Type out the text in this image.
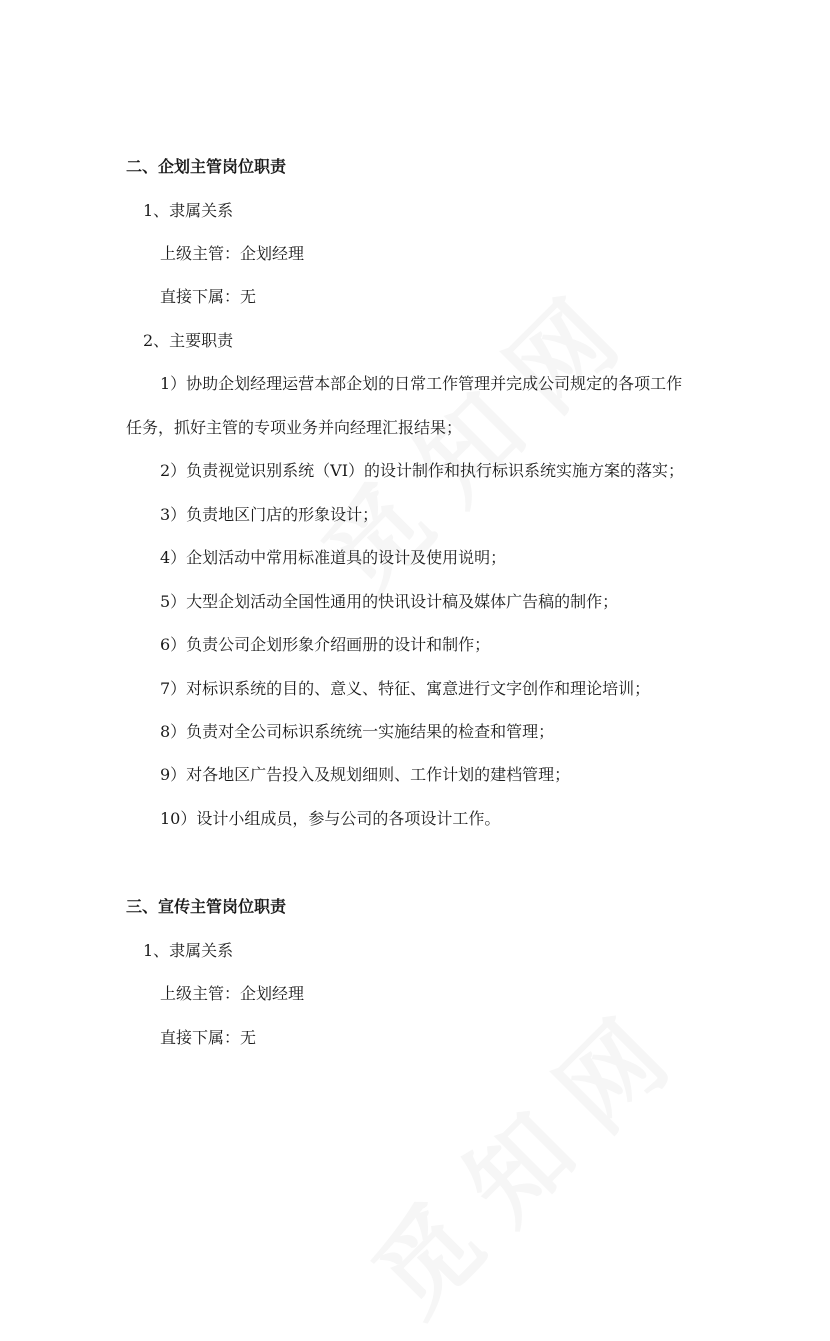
二、企划主管岗位职责
1、隶属关系
上级主管：企划经理
直接下属：无
2、主要职责
1）协助企划经理运营本部企划的日常工作管理并完成公司规定的各项工作
任务，抓好主管的专项业务并向经理汇报结果；
2）负责视觉识别系统（VI）的设计制作和执行标识系统实施方案的落实；
3）负责地区门店的形象设计；
4）企划活动中常用标准道具的设计及使用说明；
5）大型企划活动全国性通用的快讯设计稿及媒体广告稿的制作；
6）负责公司企划形象介绍画册的设计和制作；
7）对标识系统的目的、意义、特征、寓意进行文字创作和理论培训；
8）负责对全公司标识系统统一实施结果的检查和管理；
9）对各地区广告投入及规划细则、工作计划的建档管理；
10）设计小组成员，参与公司的各项设计工作。
三、宣传主管岗位职责
1、隶属关系
上级主管：企划经理
直接下属：无
